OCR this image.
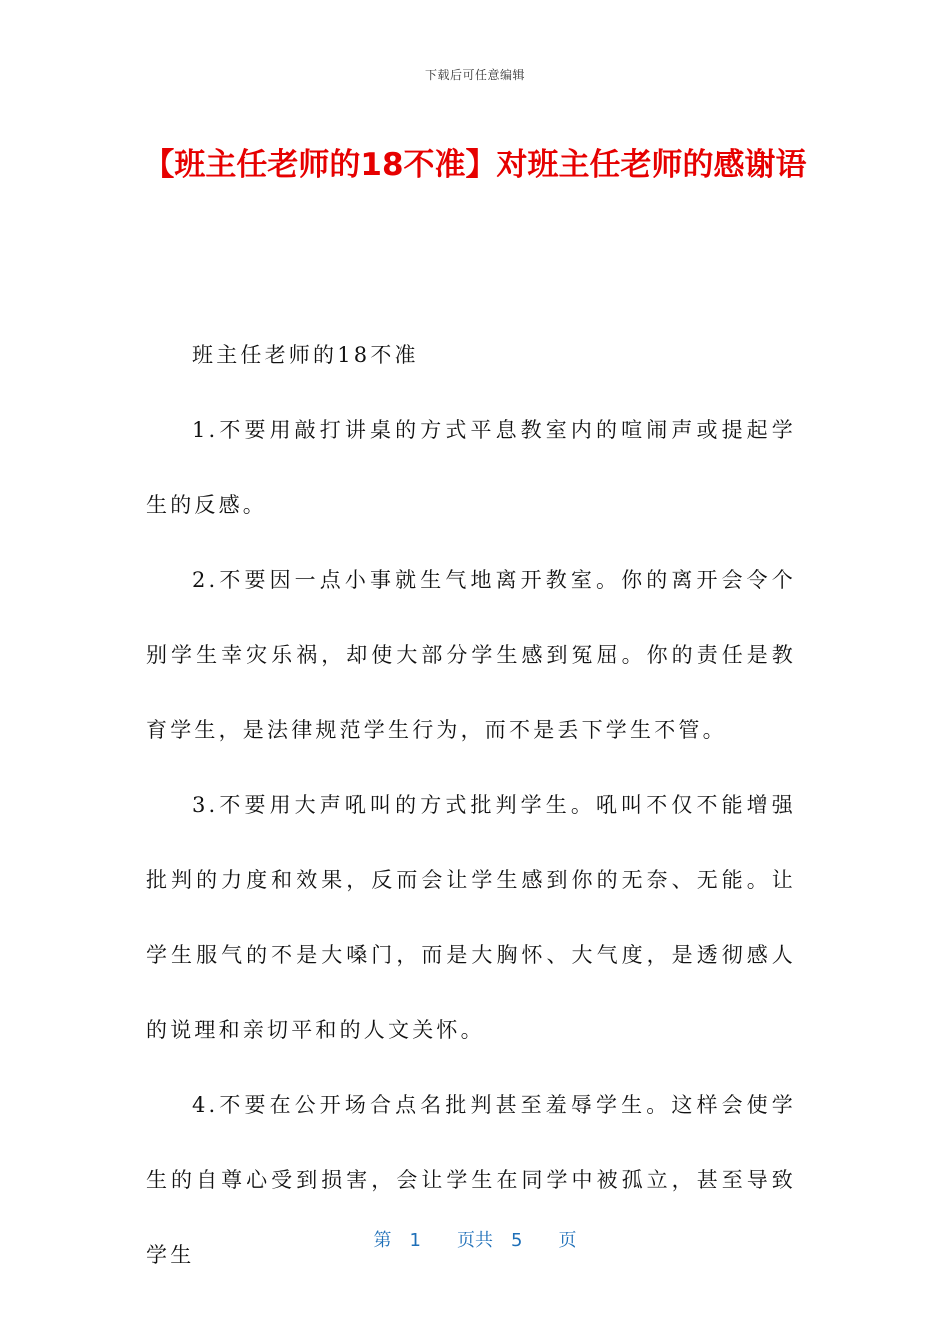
下载后可任意编辑
【班主任老师的18不准】对班主任老师的感谢语

班主任老师的18不准

1.不要用敲打讲桌的方式平息教室内的喧闹声或提起学生的反感。

2.不要因一点小事就生气地离开教室。你的离开会令个别学生幸灾乐祸，却使大部分学生感到冤屈。你的责任是教育学生，是法律规范学生行为，而不是丢下学生不管。

3.不要用大声吼叫的方式批判学生。吼叫不仅不能增强批判的力度和效果，反而会让学生感到你的无奈、无能。让学生服气的不是大嗓门，而是大胸怀、大气度，是透彻感人的说理和亲切平和的人文关怀。

4.不要在公开场合点名批判甚至羞辱学生。这样会使学生的自尊心受到损害，会让学生在同学中被孤立，甚至导致学生

第 1 页共 5 页
